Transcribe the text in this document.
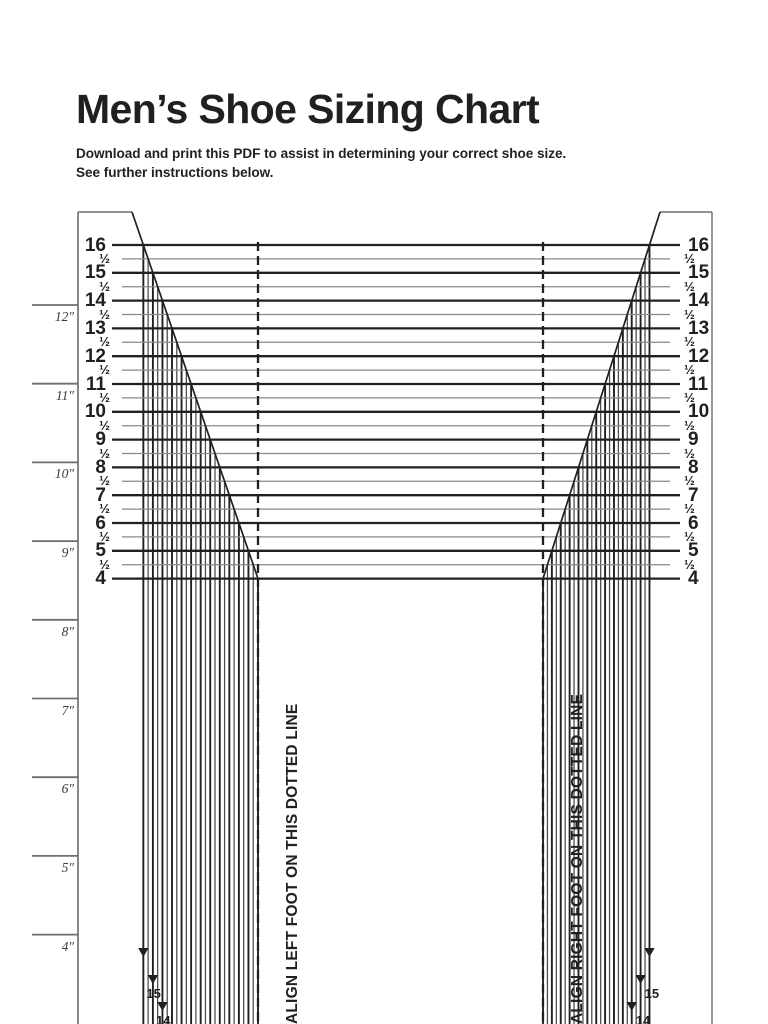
Men’s Shoe Sizing Chart

Download and print this PDF to assist in determining your correct shoe size.

See further instructions below.

16
½
15
½
14
½
13
½
12
½
11
½
10
½
9
½
8
½
7
½
6
½
5
½
4
16
½
15
½
14
½
13
½
12
½
11
½
10
½
9
½
8
½
7
½
6
½
5
½
4
12″
11″
10″
9″
8″
7″
6″
5″
4″
15	15
14	14
ALIGN LEFT FOOT ON THIS DOTTED LINE	ALIGN RIGHT FOOT ON THIS DOTTED LINE
